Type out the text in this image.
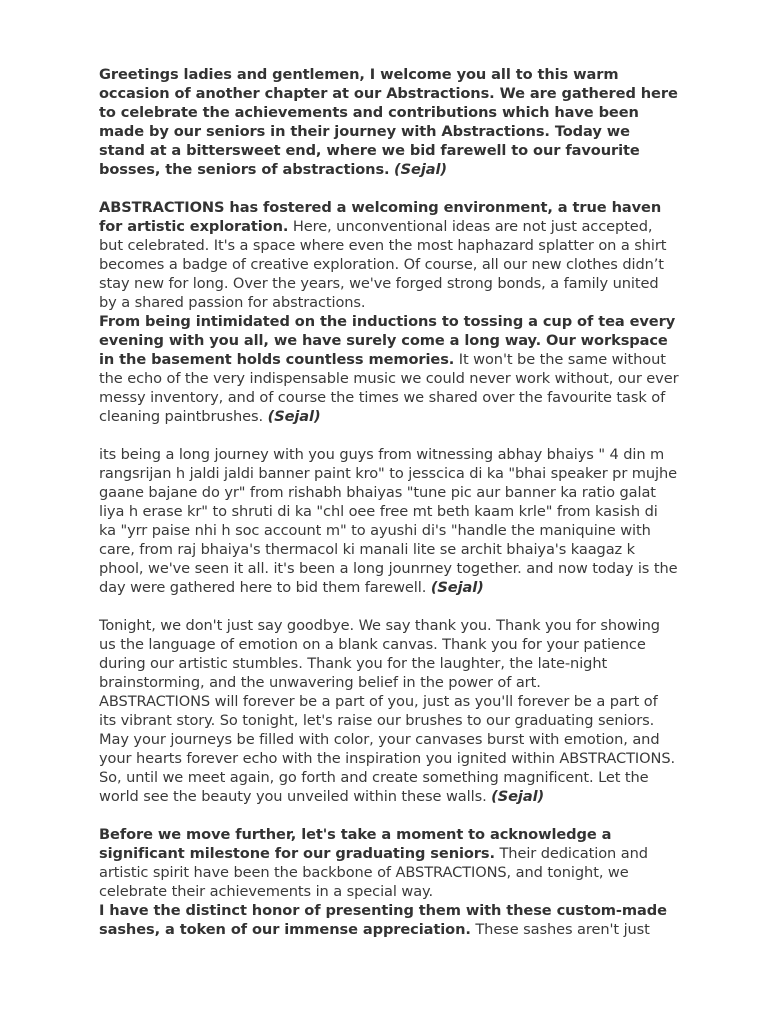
Greetings ladies and gentlemen, I welcome you all to this warm occasion of another chapter at our Abstractions. We are gathered here to celebrate the achievements and contributions which have been made by our seniors in their journey with Abstractions. Today we stand at a bittersweet end, where we bid farewell to our favourite bosses, the seniors of abstractions. (Sejal)

ABSTRACTIONS has fostered a welcoming environment, a true haven for artistic exploration. Here, unconventional ideas are not just accepted, but celebrated. It's a space where even the most haphazard splatter on a shirt becomes a badge of creative exploration. Of course, all our new clothes didn’t stay new for long. Over the years, we've forged strong bonds, a family united by a shared passion for abstractions.

From being intimidated on the inductions to tossing a cup of tea every evening with you all, we have surely come a long way. Our workspace in the basement holds countless memories. It won't be the same without the echo of the very indispensable music we could never work without, our ever messy inventory, and of course the times we shared over the favourite task of cleaning paintbrushes. (Sejal)

its being a long journey with you guys from witnessing abhay bhaiys " 4 din m rangsrijan h jaldi jaldi banner paint kro" to jesscica di ka "bhai speaker pr mujhe gaane bajane do yr" from rishabh bhaiyas "tune pic aur banner ka ratio galat liya h erase kr" to shruti di ka "chl oee free mt beth kaam krle" from kasish di ka "yrr paise nhi h soc account m" to ayushi di's "handle the maniquine with care, from raj bhaiya's thermacol ki manali lite se archit bhaiya's kaagaz k phool, we've seen it all. it's been a long jounrney together. and now today is the day were gathered here to bid them farewell. (Sejal)

Tonight, we don't just say goodbye. We say thank you. Thank you for showing us the language of emotion on a blank canvas. Thank you for your patience during our artistic stumbles. Thank you for the laughter, the late-night brainstorming, and the unwavering belief in the power of art.

ABSTRACTIONS will forever be a part of you, just as you'll forever be a part of its vibrant story. So tonight, let's raise our brushes to our graduating seniors. May your journeys be filled with color, your canvases burst with emotion, and your hearts forever echo with the inspiration you ignited within ABSTRACTIONS.

So, until we meet again, go forth and create something magnificent. Let the world see the beauty you unveiled within these walls. (Sejal)

Before we move further, let's take a moment to acknowledge a significant milestone for our graduating seniors. Their dedication and artistic spirit have been the backbone of ABSTRACTIONS, and tonight, we celebrate their achievements in a special way.

I have the distinct honor of presenting them with these custom-made sashes, a token of our immense appreciation. These sashes aren't just
